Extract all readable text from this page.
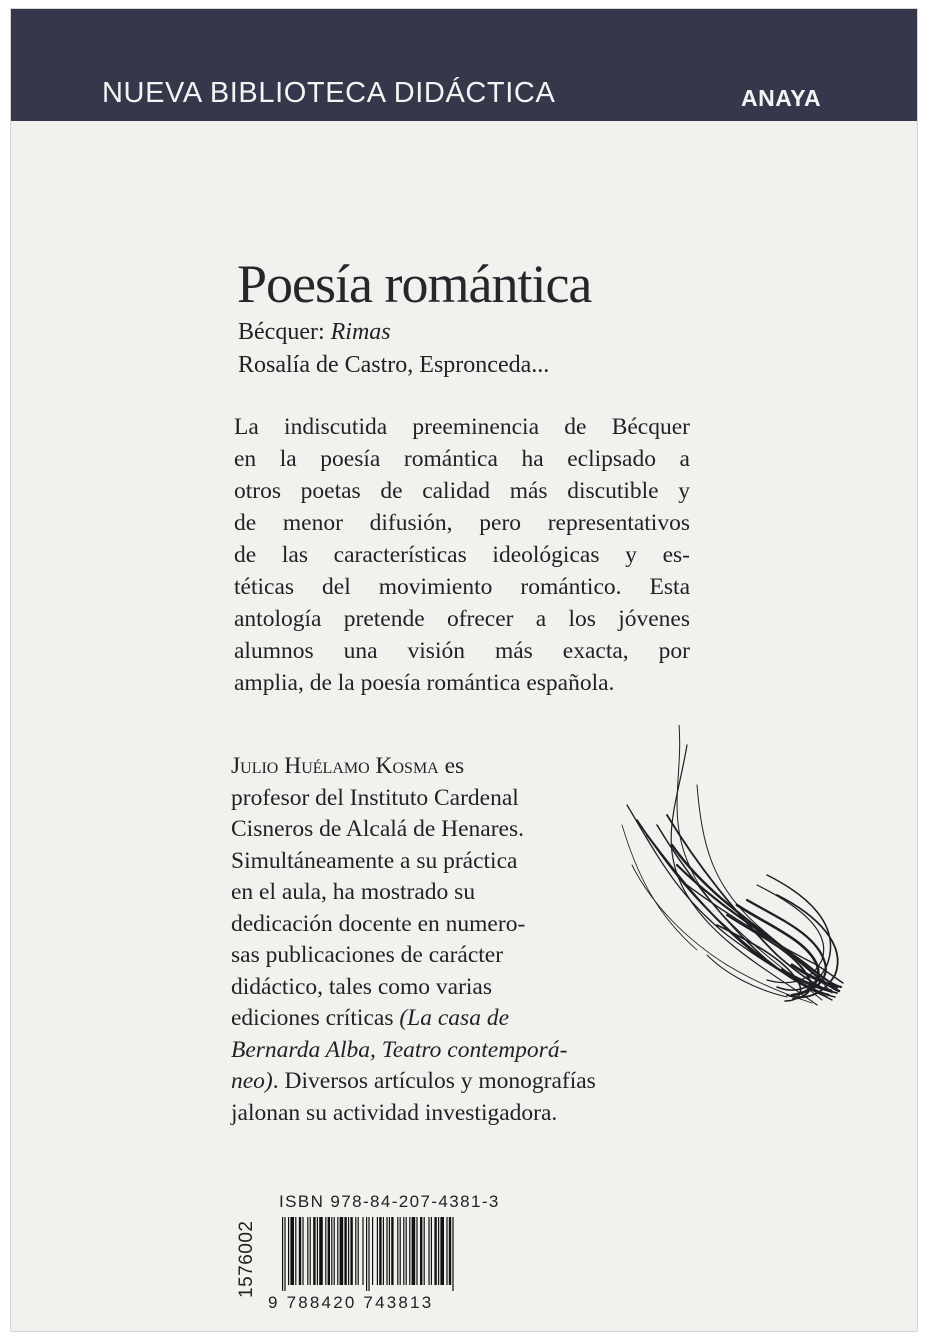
NUEVA BIBLIOTECA DIDÁCTICA	ANAYA
Poesía romántica
Bécquer: Rimas
Rosalía de Castro, Espronceda...
La indiscutida preeminencia de Bécquer
en la poesía romántica ha eclipsado a
otros poetas de calidad más discutible y
de menor difusión, pero representativos
de las características ideológicas y es-
téticas del movimiento romántico. Esta
antología pretende ofrecer a los jóvenes
alumnos una visión más exacta, por
amplia, de la poesía romántica española.
Julio Huélamo Kosma es
profesor del Instituto Cardenal
Cisneros de Alcalá de Henares.
Simultáneamente a su práctica
en el aula, ha mostrado su
dedicación docente en numero-
sas publicaciones de carácter
didáctico, tales como varias
ediciones críticas (La casa de
Bernarda Alba, Teatro contemporá-
neo). Diversos artículos y monografías
jalonan su actividad investigadora.
1576002
ISBN 978-84-207-4381-3
9 788420 743813
